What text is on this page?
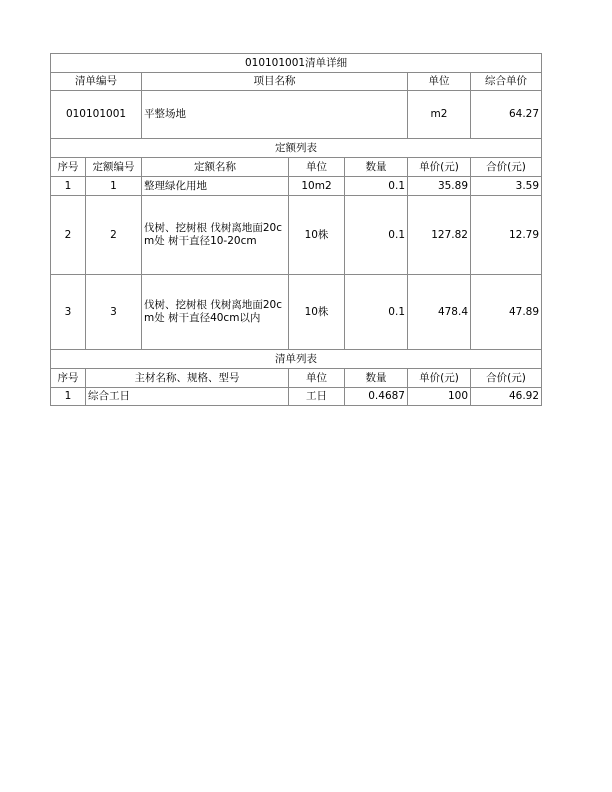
010101001清单详细						
清单编号		项目名称			单位	综合单价
010101001		平整场地			m2	64.27
定额列表						
序号	定额编号	定额名称	单位	数量	单价(元)	合价(元)
1	1	整理绿化用地	10m2	0.1	35.89	3.59
2	2	伐树、挖树根 伐树离地面20cm处 树干直径10-20cm	10株	0.1	127.82	12.79
3	3	伐树、挖树根 伐树离地面20cm处 树干直径40cm以内	10株	0.1	478.4	47.89
清单列表						
序号	主材名称、规格、型号		单位	数量	单价(元)	合价(元)
1	综合工日		工日	0.4687	100	46.92
